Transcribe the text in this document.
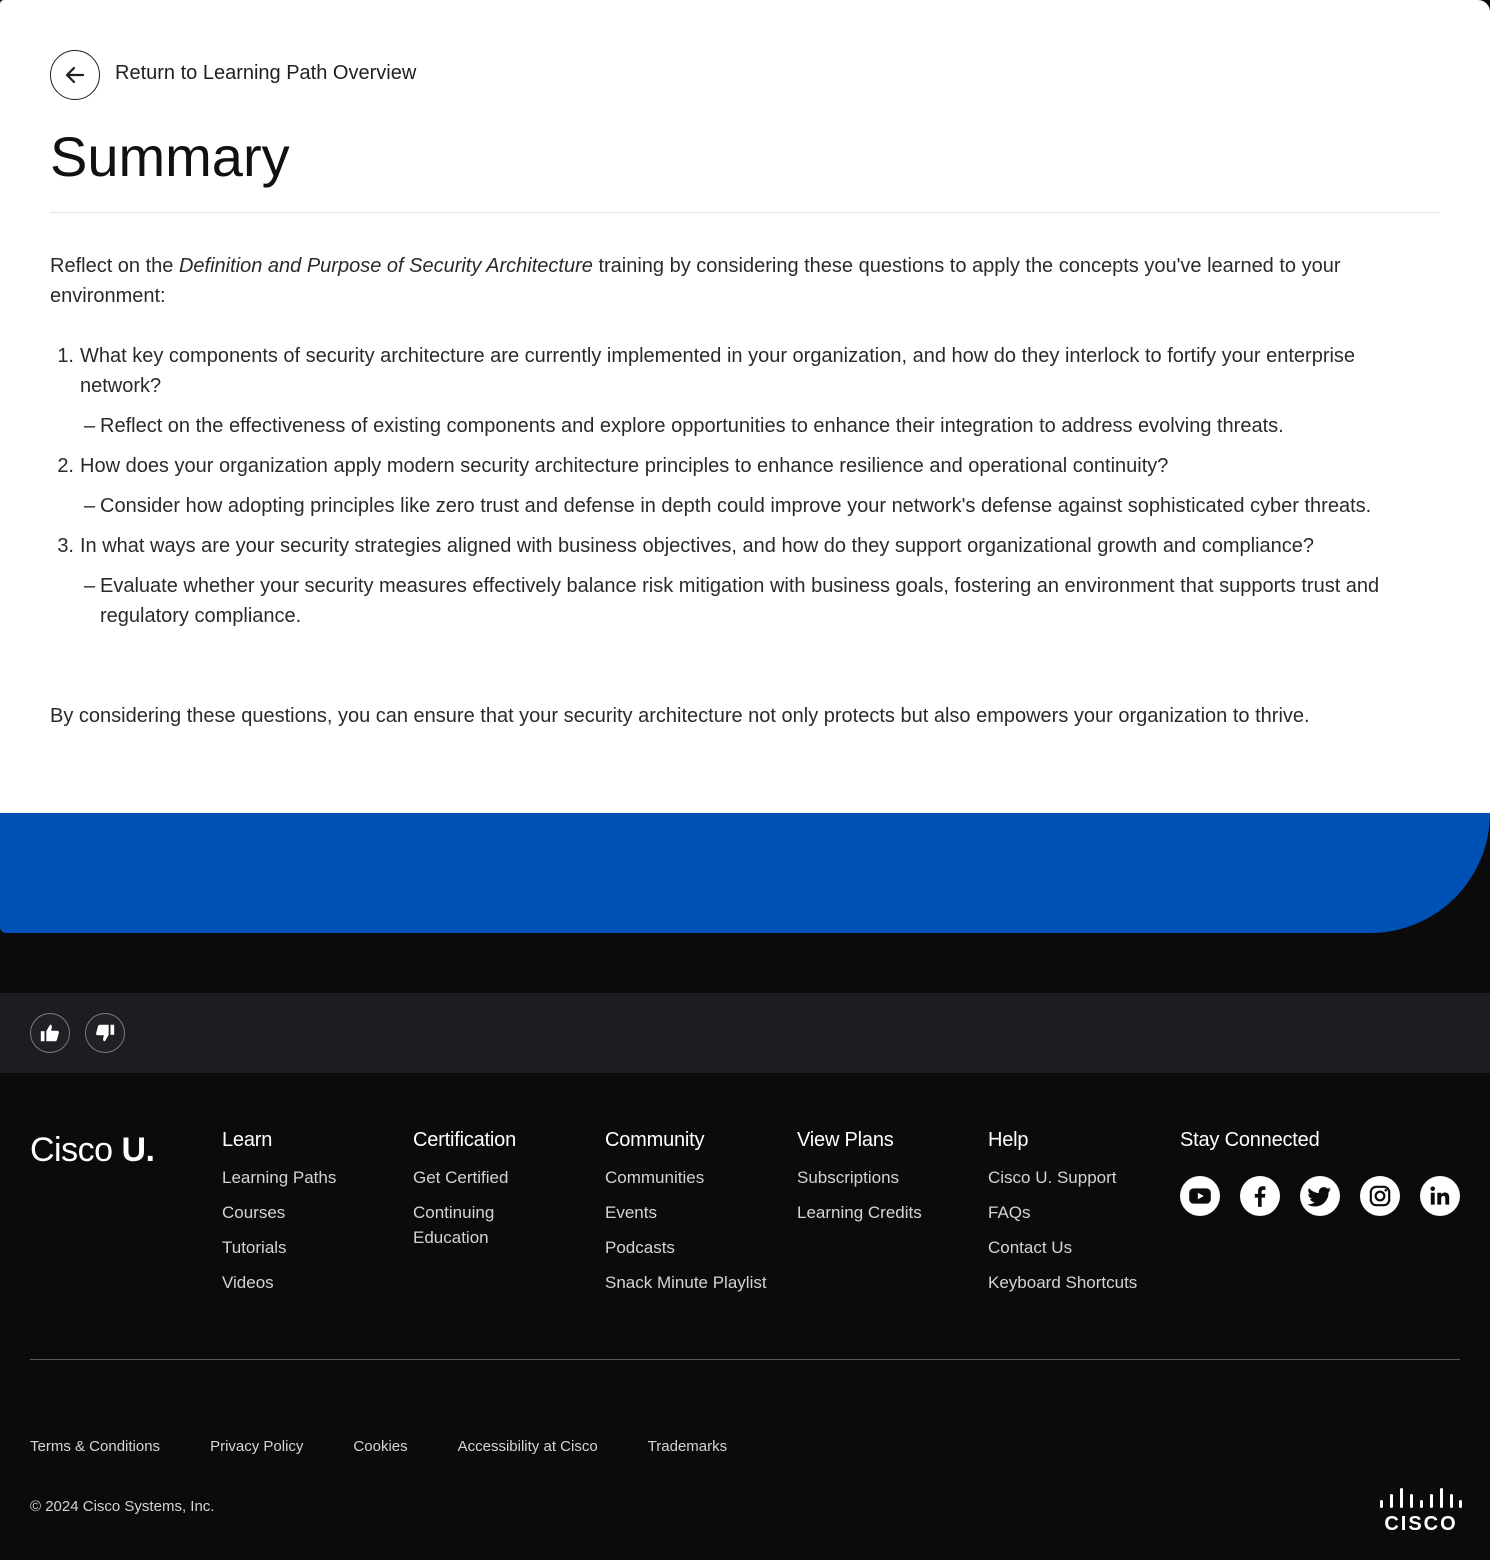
Return to Learning Path Overview
Summary

Reflect on the Definition and Purpose of Security Architecture training by considering these questions to apply the concepts you've learned to your environment:

1. What key components of security architecture are currently implemented in your organization, and how do they interlock to fortify your enterprise network?
– Reflect on the effectiveness of existing components and explore opportunities to enhance their integration to address evolving threats.
2. How does your organization apply modern security architecture principles to enhance resilience and operational continuity?
– Consider how adopting principles like zero trust and defense in depth could improve your network's defense against sophisticated cyber threats.
3. In what ways are your security strategies aligned with business objectives, and how do they support organizational growth and compliance?
– Evaluate whether your security measures effectively balance risk mitigation with business goals, fostering an environment that supports trust and regulatory compliance.

By considering these questions, you can ensure that your security architecture not only protects but also empowers your organization to thrive.

Cisco U.	Learn
Learning Paths
Courses
Tutorials
Videos
Certification
Get Certified
Continuing Education
Community
Communities
Events
Podcasts
Snack Minute Playlist
View Plans
Subscriptions
Learning Credits
Help
Cisco U. Support
FAQs
Contact Us
Keyboard Shortcuts
Stay Connected
Terms & Conditions	Privacy Policy	Cookies	Accessibility at Cisco	Trademarks
© 2024 Cisco Systems, Inc.
CISCO
